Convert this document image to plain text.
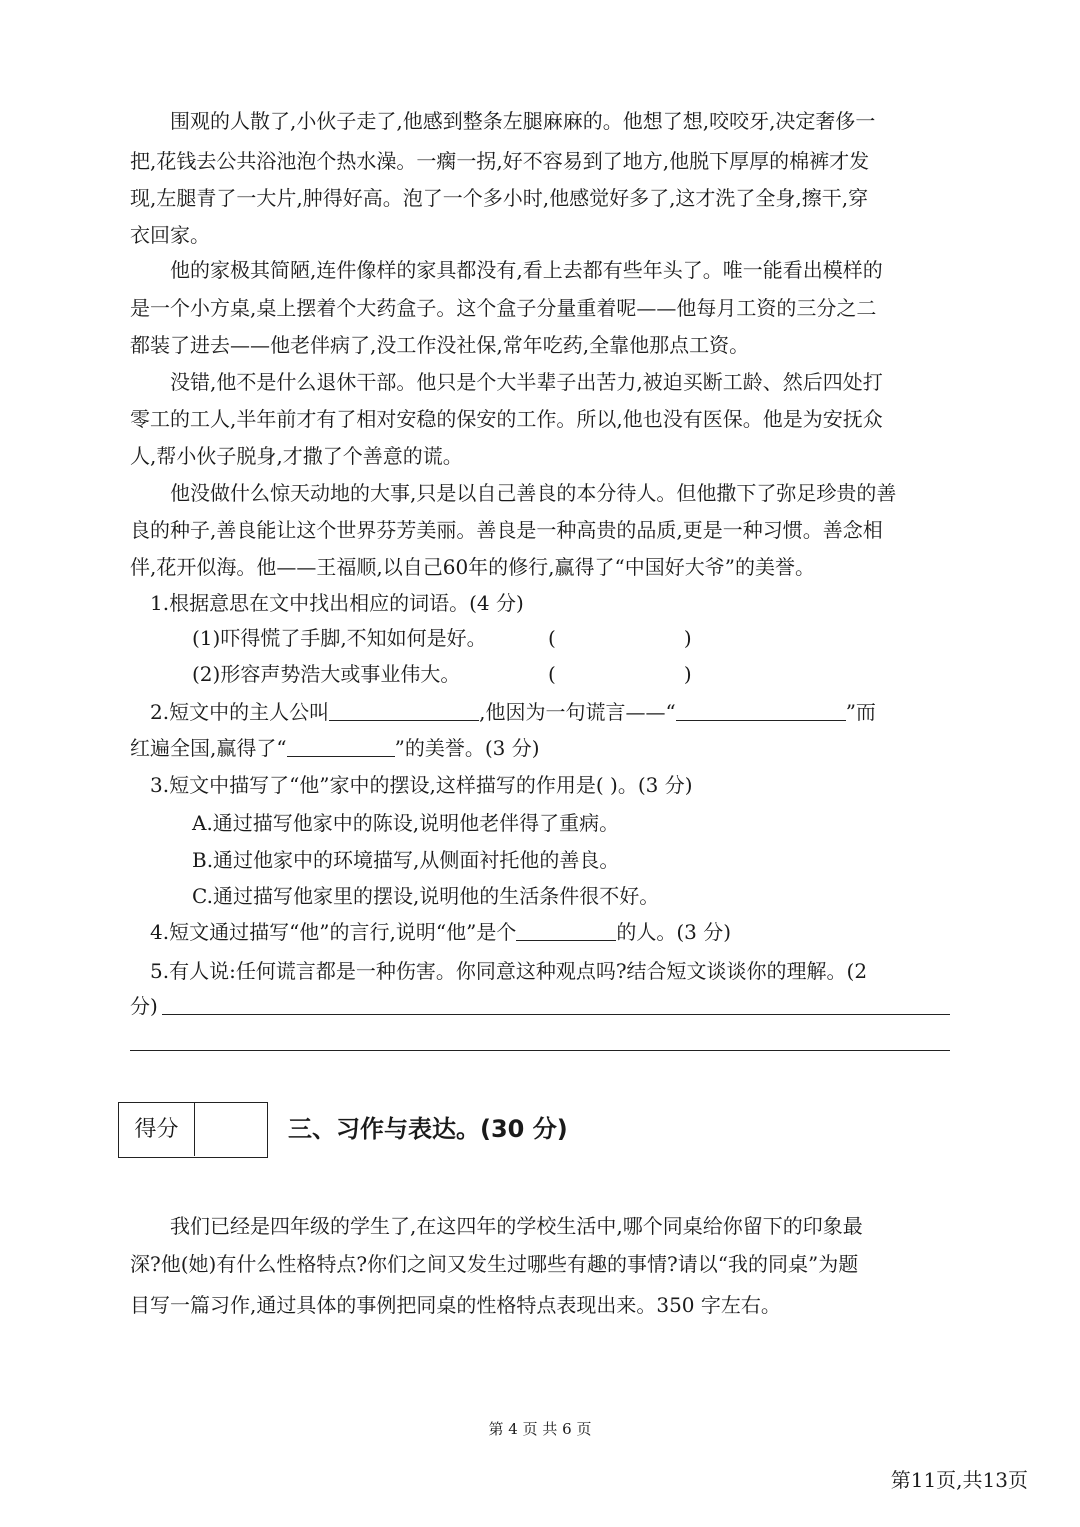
围观的人散了,小伙子走了,他感到整条左腿麻麻的。他想了想,咬咬牙,决定奢侈一
把,花钱去公共浴池泡个热水澡。一瘸一拐,好不容易到了地方,他脱下厚厚的棉裤才发
现,左腿青了一大片,肿得好高。泡了一个多小时,他感觉好多了,这才洗了全身,擦干,穿
衣回家。
他的家极其简陋,连件像样的家具都没有,看上去都有些年头了。唯一能看出模样的
是一个小方桌,桌上摆着个大药盒子。这个盒子分量重着呢——他每月工资的三分之二
都装了进去——他老伴病了,没工作没社保,常年吃药,全靠他那点工资。
没错,他不是什么退休干部。他只是个大半辈子出苦力,被迫买断工龄、然后四处打
零工的工人,半年前才有了相对安稳的保安的工作。所以,他也没有医保。他是为安抚众
人,帮小伙子脱身,才撒了个善意的谎。
他没做什么惊天动地的大事,只是以自己善良的本分待人。但他撒下了弥足珍贵的善
良的种子,善良能让这个世界芬芳美丽。善良是一种高贵的品质,更是一种习惯。善念相
伴,花开似海。他——王福顺,以自己60年的修行,赢得了“中国好大爷”的美誉。
1.根据意思在文中找出相应的词语。(4 分)
(1)吓得慌了手脚,不知如何是好。	(	)
(2)形容声势浩大或事业伟大。	(	)
2.短文中的主人公叫	,他因为一句谎言——“	”而
红遍全国,赢得了“	”的美誉。(3 分)
3.短文中描写了“他”家中的摆设,这样描写的作用是( )。(3 分)
A.通过描写他家中的陈设,说明他老伴得了重病。
B.通过他家中的环境描写,从侧面衬托他的善良。
C.通过描写他家里的摆设,说明他的生活条件很不好。
4.短文通过描写“他”的言行,说明“他”是个	的人。(3 分)
5.有人说:任何谎言都是一种伤害。你同意这种观点吗?结合短文谈谈你的理解。(2
分)
得分	三、习作与表达。(30 分)
我们已经是四年级的学生了,在这四年的学校生活中,哪个同桌给你留下的印象最
深?他(她)有什么性格特点?你们之间又发生过哪些有趣的事情?请以“我的同桌”为题
目写一篇习作,通过具体的事例把同桌的性格特点表现出来。350 字左右。
第 4 页 共 6 页
第11页,共13页
